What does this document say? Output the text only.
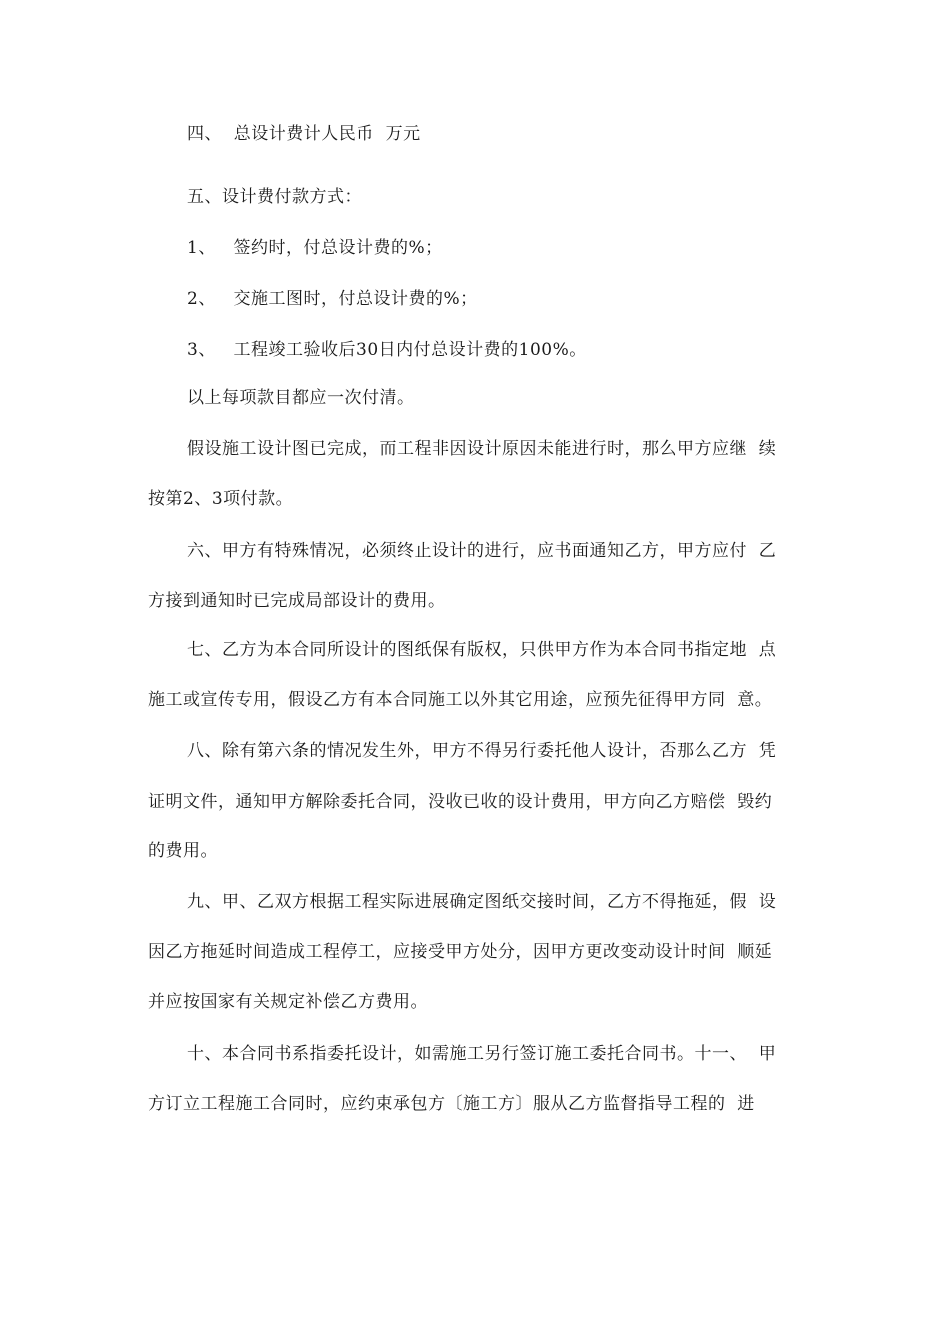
四、  总设计费计人民币  万元
五、设计费付款方式：
1、   签约时，付总设计费的%；
2、   交施工图时，付总设计费的%；
3、   工程竣工验收后30日内付总设计费的100%。
以上每项款目都应一次付清。
假设施工设计图已完成，而工程非因设计原因未能进行时，那么甲方应继  续
按第2、3项付款。
六、甲方有特殊情况，必须终止设计的进行，应书面通知乙方，甲方应付  乙
方接到通知时已完成局部设计的费用。
七、乙方为本合同所设计的图纸保有版权，只供甲方作为本合同书指定地  点
施工或宣传专用，假设乙方有本合同施工以外其它用途，应预先征得甲方同  意。
八、除有第六条的情况发生外，甲方不得另行委托他人设计，否那么乙方  凭
证明文件，通知甲方解除委托合同，没收已收的设计费用，甲方向乙方赔偿  毁约
的费用。
九、甲、乙双方根据工程实际进展确定图纸交接时间，乙方不得拖延，假  设
因乙方拖延时间造成工程停工，应接受甲方处分，因甲方更改变动设计时间  顺延
并应按国家有关规定补偿乙方费用。
十、本合同书系指委托设计，如需施工另行签订施工委托合同书。十一、  甲
方订立工程施工合同时，应约束承包方〔施工方〕服从乙方监督指导工程的  进
